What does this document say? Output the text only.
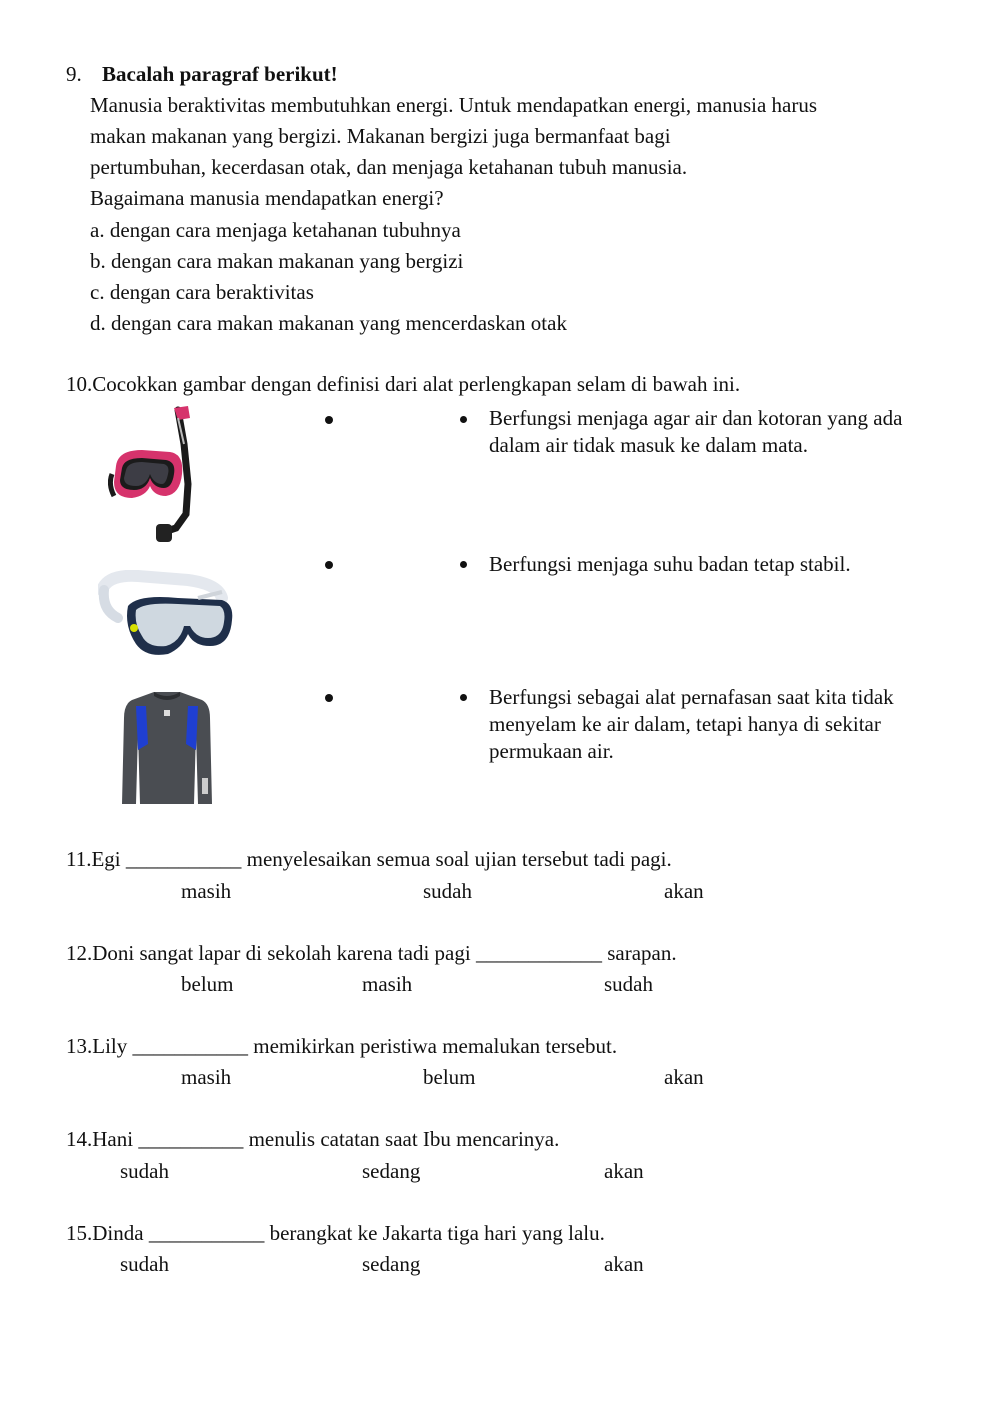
9. Bacalah paragraf berikut!
Manusia beraktivitas membutuhkan energi. Untuk mendapatkan energi, manusia harus
makan makanan yang bergizi. Makanan bergizi juga bermanfaat bagi
pertumbuhan, kecerdasan otak, dan menjaga ketahanan tubuh manusia.
Bagaimana manusia mendapatkan energi?
a. dengan cara menjaga ketahanan tubuhnya
b. dengan cara makan makanan yang bergizi
c. dengan cara beraktivitas
d. dengan cara makan makanan yang mencerdaskan otak
10.Cocokkan gambar dengan definisi dari alat perlengkapan selam di bawah ini.
Berfungsi menjaga agar air dan kotoran yang ada dalam air tidak masuk ke dalam mata.
Berfungsi menjaga suhu badan tetap stabil.
Berfungsi sebagai alat pernafasan saat kita tidak menyelam ke air dalam, tetapi hanya di sekitar permukaan air.
11.Egi ___________ menyelesaikan semua soal ujian tersebut tadi pagi.
masih	sudah	akan
12.Doni sangat lapar di sekolah karena tadi pagi ____________ sarapan.
belum	masih	sudah
13.Lily ___________ memikirkan peristiwa memalukan tersebut.
masih	belum	akan
14.Hani __________ menulis catatan saat Ibu mencarinya.
sudah	sedang	akan
15.Dinda ___________ berangkat ke Jakarta tiga hari yang lalu.
sudah	sedang	akan
